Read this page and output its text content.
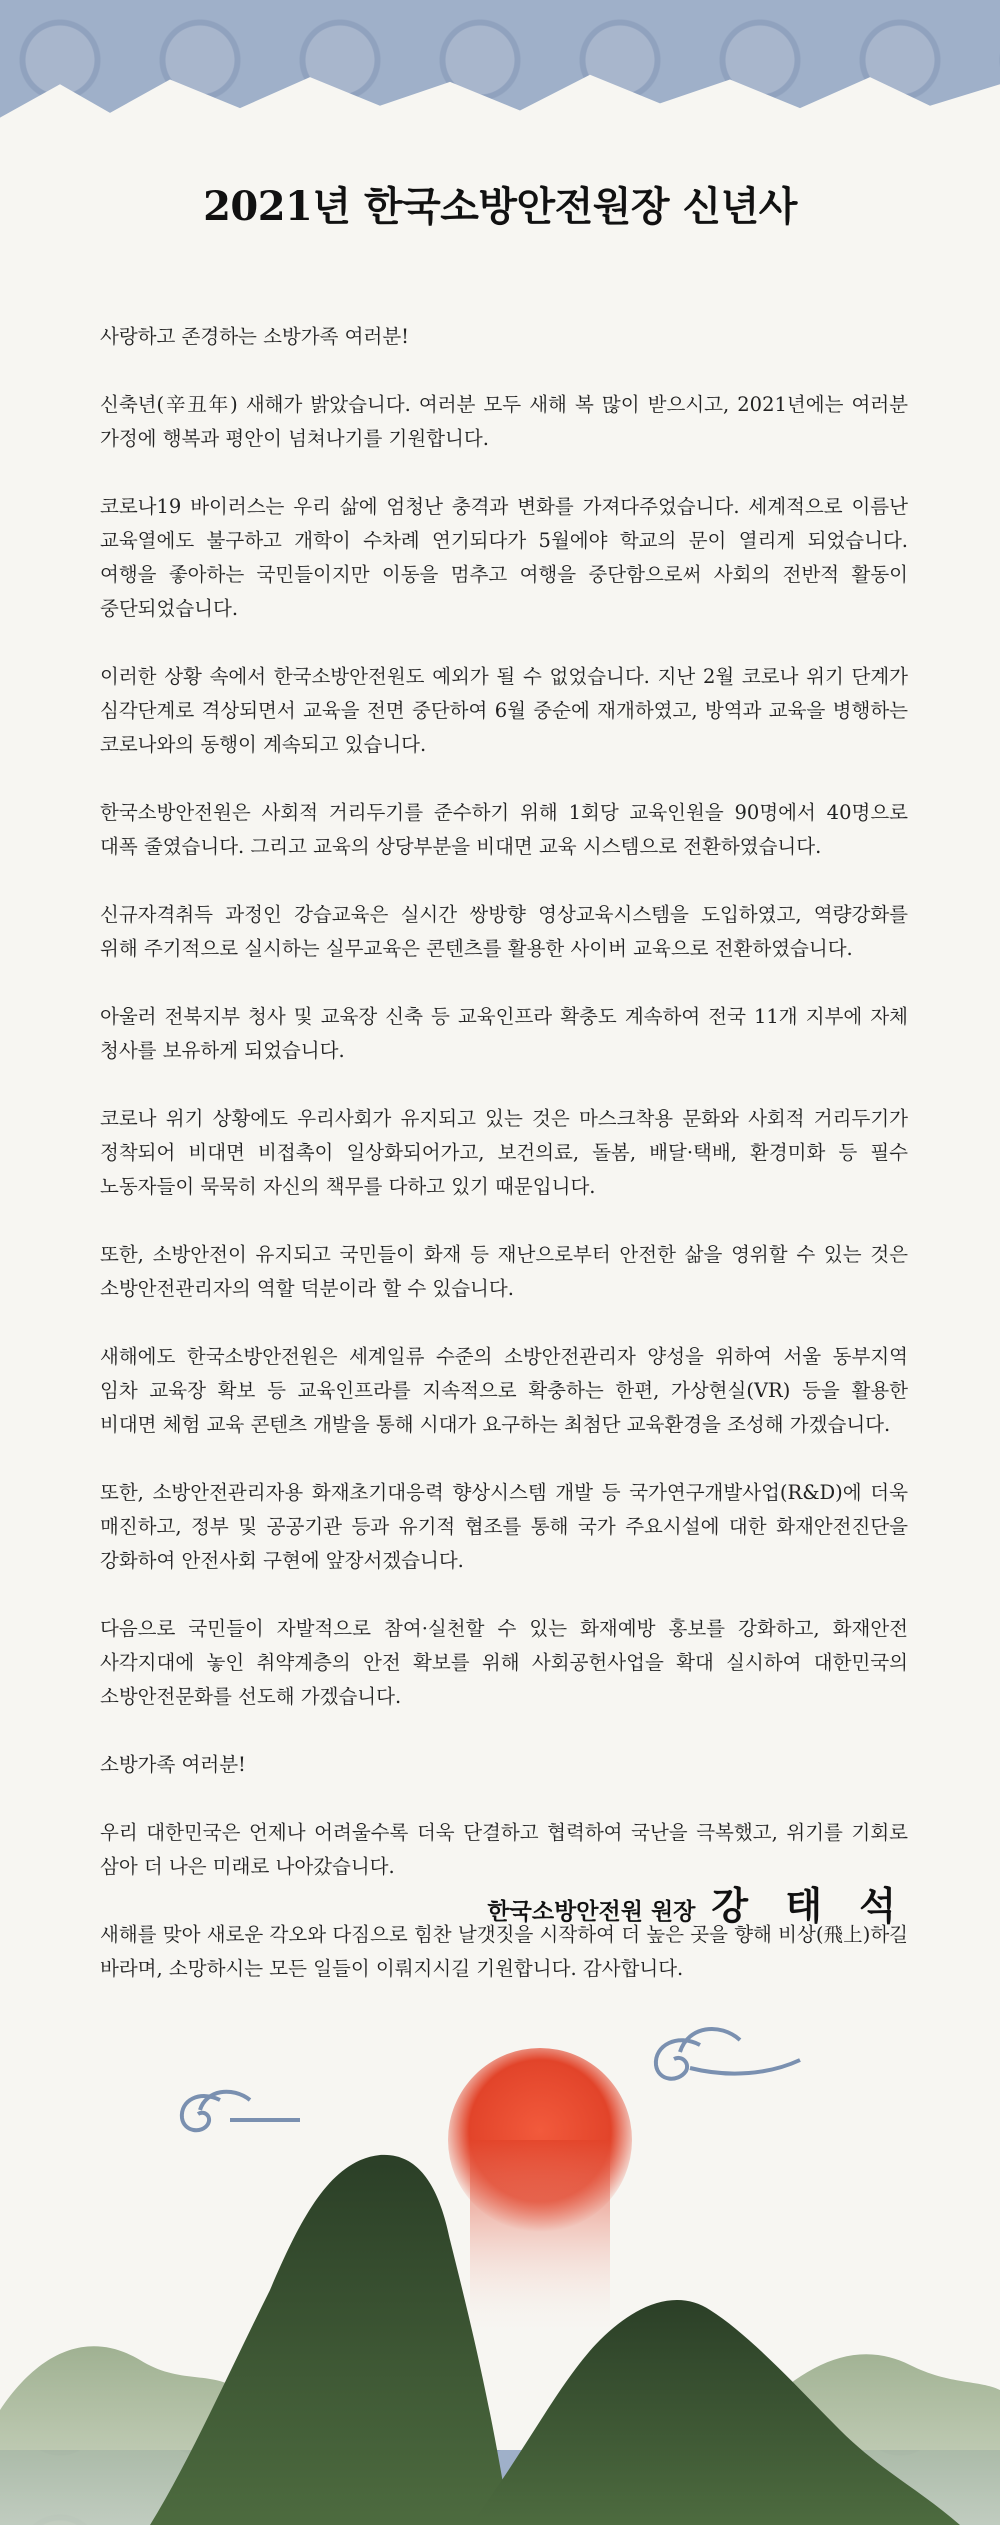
2021년 한국소방안전원장 신년사

사랑하고 존경하는 소방가족 여러분!

신축년(辛丑年) 새해가 밝았습니다. 여러분 모두 새해 복 많이 받으시고, 2021년에는 여러분 가정에 행복과 평안이 넘쳐나기를 기원합니다.

코로나19 바이러스는 우리 삶에 엄청난 충격과 변화를 가져다주었습니다. 세계적으로 이름난 교육열에도 불구하고 개학이 수차례 연기되다가 5월에야 학교의 문이 열리게 되었습니다. 여행을 좋아하는 국민들이지만 이동을 멈추고 여행을 중단함으로써 사회의 전반적 활동이 중단되었습니다.

이러한 상황 속에서 한국소방안전원도 예외가 될 수 없었습니다. 지난 2월 코로나 위기 단계가 심각단계로 격상되면서 교육을 전면 중단하여 6월 중순에 재개하였고, 방역과 교육을 병행하는 코로나와의 동행이 계속되고 있습니다.

한국소방안전원은 사회적 거리두기를 준수하기 위해 1회당 교육인원을 90명에서 40명으로 대폭 줄였습니다. 그리고 교육의 상당부분을 비대면 교육 시스템으로 전환하였습니다.

신규자격취득 과정인 강습교육은 실시간 쌍방향 영상교육시스템을 도입하였고, 역량강화를 위해 주기적으로 실시하는 실무교육은 콘텐츠를 활용한 사이버 교육으로 전환하였습니다.

아울러 전북지부 청사 및 교육장 신축 등 교육인프라 확충도 계속하여 전국 11개 지부에 자체 청사를 보유하게 되었습니다.

코로나 위기 상황에도 우리사회가 유지되고 있는 것은 마스크착용 문화와 사회적 거리두기가 정착되어 비대면 비접촉이 일상화되어가고, 보건의료, 돌봄, 배달·택배, 환경미화 등 필수 노동자들이 묵묵히 자신의 책무를 다하고 있기 때문입니다.

또한, 소방안전이 유지되고 국민들이 화재 등 재난으로부터 안전한 삶을 영위할 수 있는 것은 소방안전관리자의 역할 덕분이라 할 수 있습니다.

새해에도 한국소방안전원은 세계일류 수준의 소방안전관리자 양성을 위하여 서울 동부지역 임차 교육장 확보 등 교육인프라를 지속적으로 확충하는 한편, 가상현실(VR) 등을 활용한 비대면 체험 교육 콘텐츠 개발을 통해 시대가 요구하는 최첨단 교육환경을 조성해 가겠습니다.

또한, 소방안전관리자용 화재초기대응력 향상시스템 개발 등 국가연구개발사업(R&D)에 더욱 매진하고, 정부 및 공공기관 등과 유기적 협조를 통해 국가 주요시설에 대한 화재안전진단을 강화하여 안전사회 구현에 앞장서겠습니다.

다음으로 국민들이 자발적으로 참여·실천할 수 있는 화재예방 홍보를 강화하고, 화재안전 사각지대에 놓인 취약계층의 안전 확보를 위해 사회공헌사업을 확대 실시하여 대한민국의 소방안전문화를 선도해 가겠습니다.

소방가족 여러분!

우리 대한민국은 언제나 어려울수록 더욱 단결하고 협력하여 국난을 극복했고, 위기를 기회로 삼아 더 나은 미래로 나아갔습니다.

새해를 맞아 새로운 각오와 다짐으로 힘찬 날갯짓을 시작하여 더 높은 곳을 향해 비상(飛上)하길 바라며, 소망하시는 모든 일들이 이뤄지시길 기원합니다. 감사합니다.

한국소방안전원 원장 강 태 석
